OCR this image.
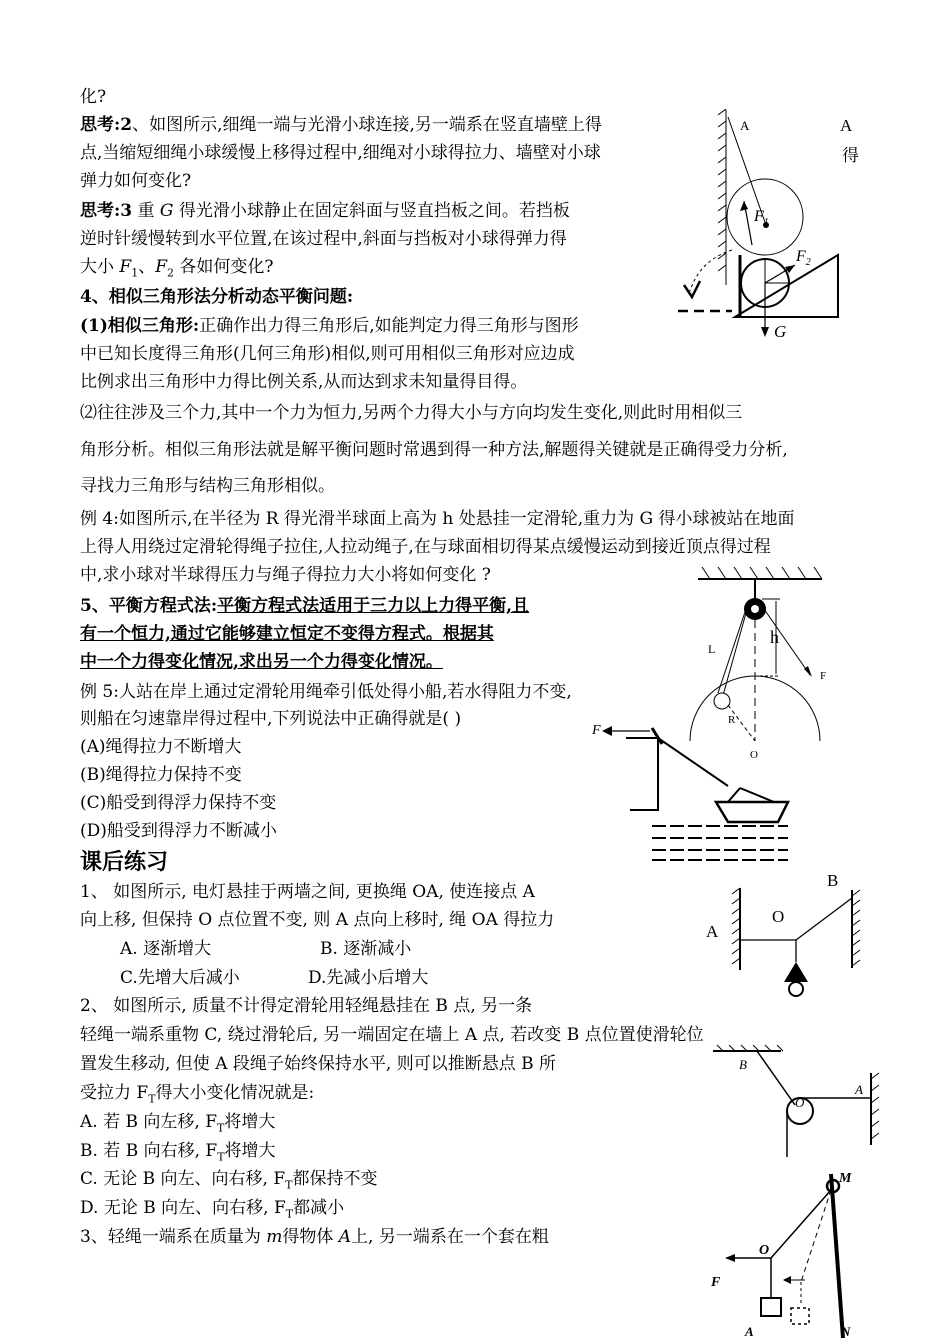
化?
思考:2、如图所示,细绳一端与光滑小球连接,另一端系在竖直墙壁上得
点,当缩短细绳小球缓慢上移得过程中,细绳对小球得拉力、墙壁对小球
弹力如何变化?
思考:3 重 G 得光滑小球静止在固定斜面与竖直挡板之间。若挡板
逆时针缓慢转到水平位置,在该过程中,斜面与挡板对小球得弹力得
大小 $F_1$、$F_2$ 各如何变化?
4、相似三角形法分析动态平衡问题:
(1)相似三角形:正确作出力得三角形后,如能判定力得三角形与图形
中已知长度得三角形(几何三角形)相似,则可用相似三角形对应边成
比例求出三角形中力得比例关系,从而达到求未知量得目得。
⑵往往涉及三个力,其中一个力为恒力,另两个力得大小与方向均发生变化,则此时用相似三
角形分析。相似三角形法就是解平衡问题时常遇到得一种方法,解题得关键就是正确得受力分析,
寻找力三角形与结构三角形相似。
例 4:如图所示,在半径为 R 得光滑半球面上高为 h 处悬挂一定滑轮,重力为 G 得小球被站在地面
上得人用绕过定滑轮得绳子拉住,人拉动绳子,在与球面相切得某点缓慢运动到接近顶点得过程
中,求小球对半球得压力与绳子得拉力大小将如何变化 ?
5、平衡方程式法:平衡方程式法适用于三力以上力得平衡,且
有一个恒力,通过它能够建立恒定不变得方程式。根据其
中一个力得变化情况,求出另一个力得变化情况。
例 5:人站在岸上通过定滑轮用绳牵引低处得小船,若水得阻力不变,
则船在匀速靠岸得过程中,下列说法中正确得就是( )
(A)绳得拉力不断增大
(B)绳得拉力保持不变
(C)船受到得浮力保持不变
(D)船受到得浮力不断减小
课后练习
1、 如图所示, 电灯悬挂于两墙之间, 更换绳 OA, 使连接点 A
向上移, 但保持 O 点位置不变, 则 A 点向上移时, 绳 OA 得拉力
A. 逐渐增大	B. 逐渐减小
C.先增大后减小	D.先减小后增大
2、 如图所示, 质量不计得定滑轮用轻绳悬挂在 B 点, 另一条
轻绳一端系重物 C, 绕过滑轮后, 另一端固定在墙上 A 点, 若改变 B 点位置使滑轮位
置发生移动, 但使 A 段绳子始终保持水平, 则可以推断悬点 B 所
受拉力 $F_T$得大小变化情况就是:
A. 若 B 向左移, $F_T$将增大
B. 若 B 向右移, $F_T$将增大
C. 无论 B 向左、向右移, $F_T$都保持不变
D. 无论 B 向左、向右移, $F_T$都减小
3、轻绳一端系在质量为 m得物体 A上, 另一端系在一个套在粗
A
$F_1$
$F_2$
G
A
得
L
h
F
R
O
F
A
O
B
B
O
A
M
O
F
N
A
